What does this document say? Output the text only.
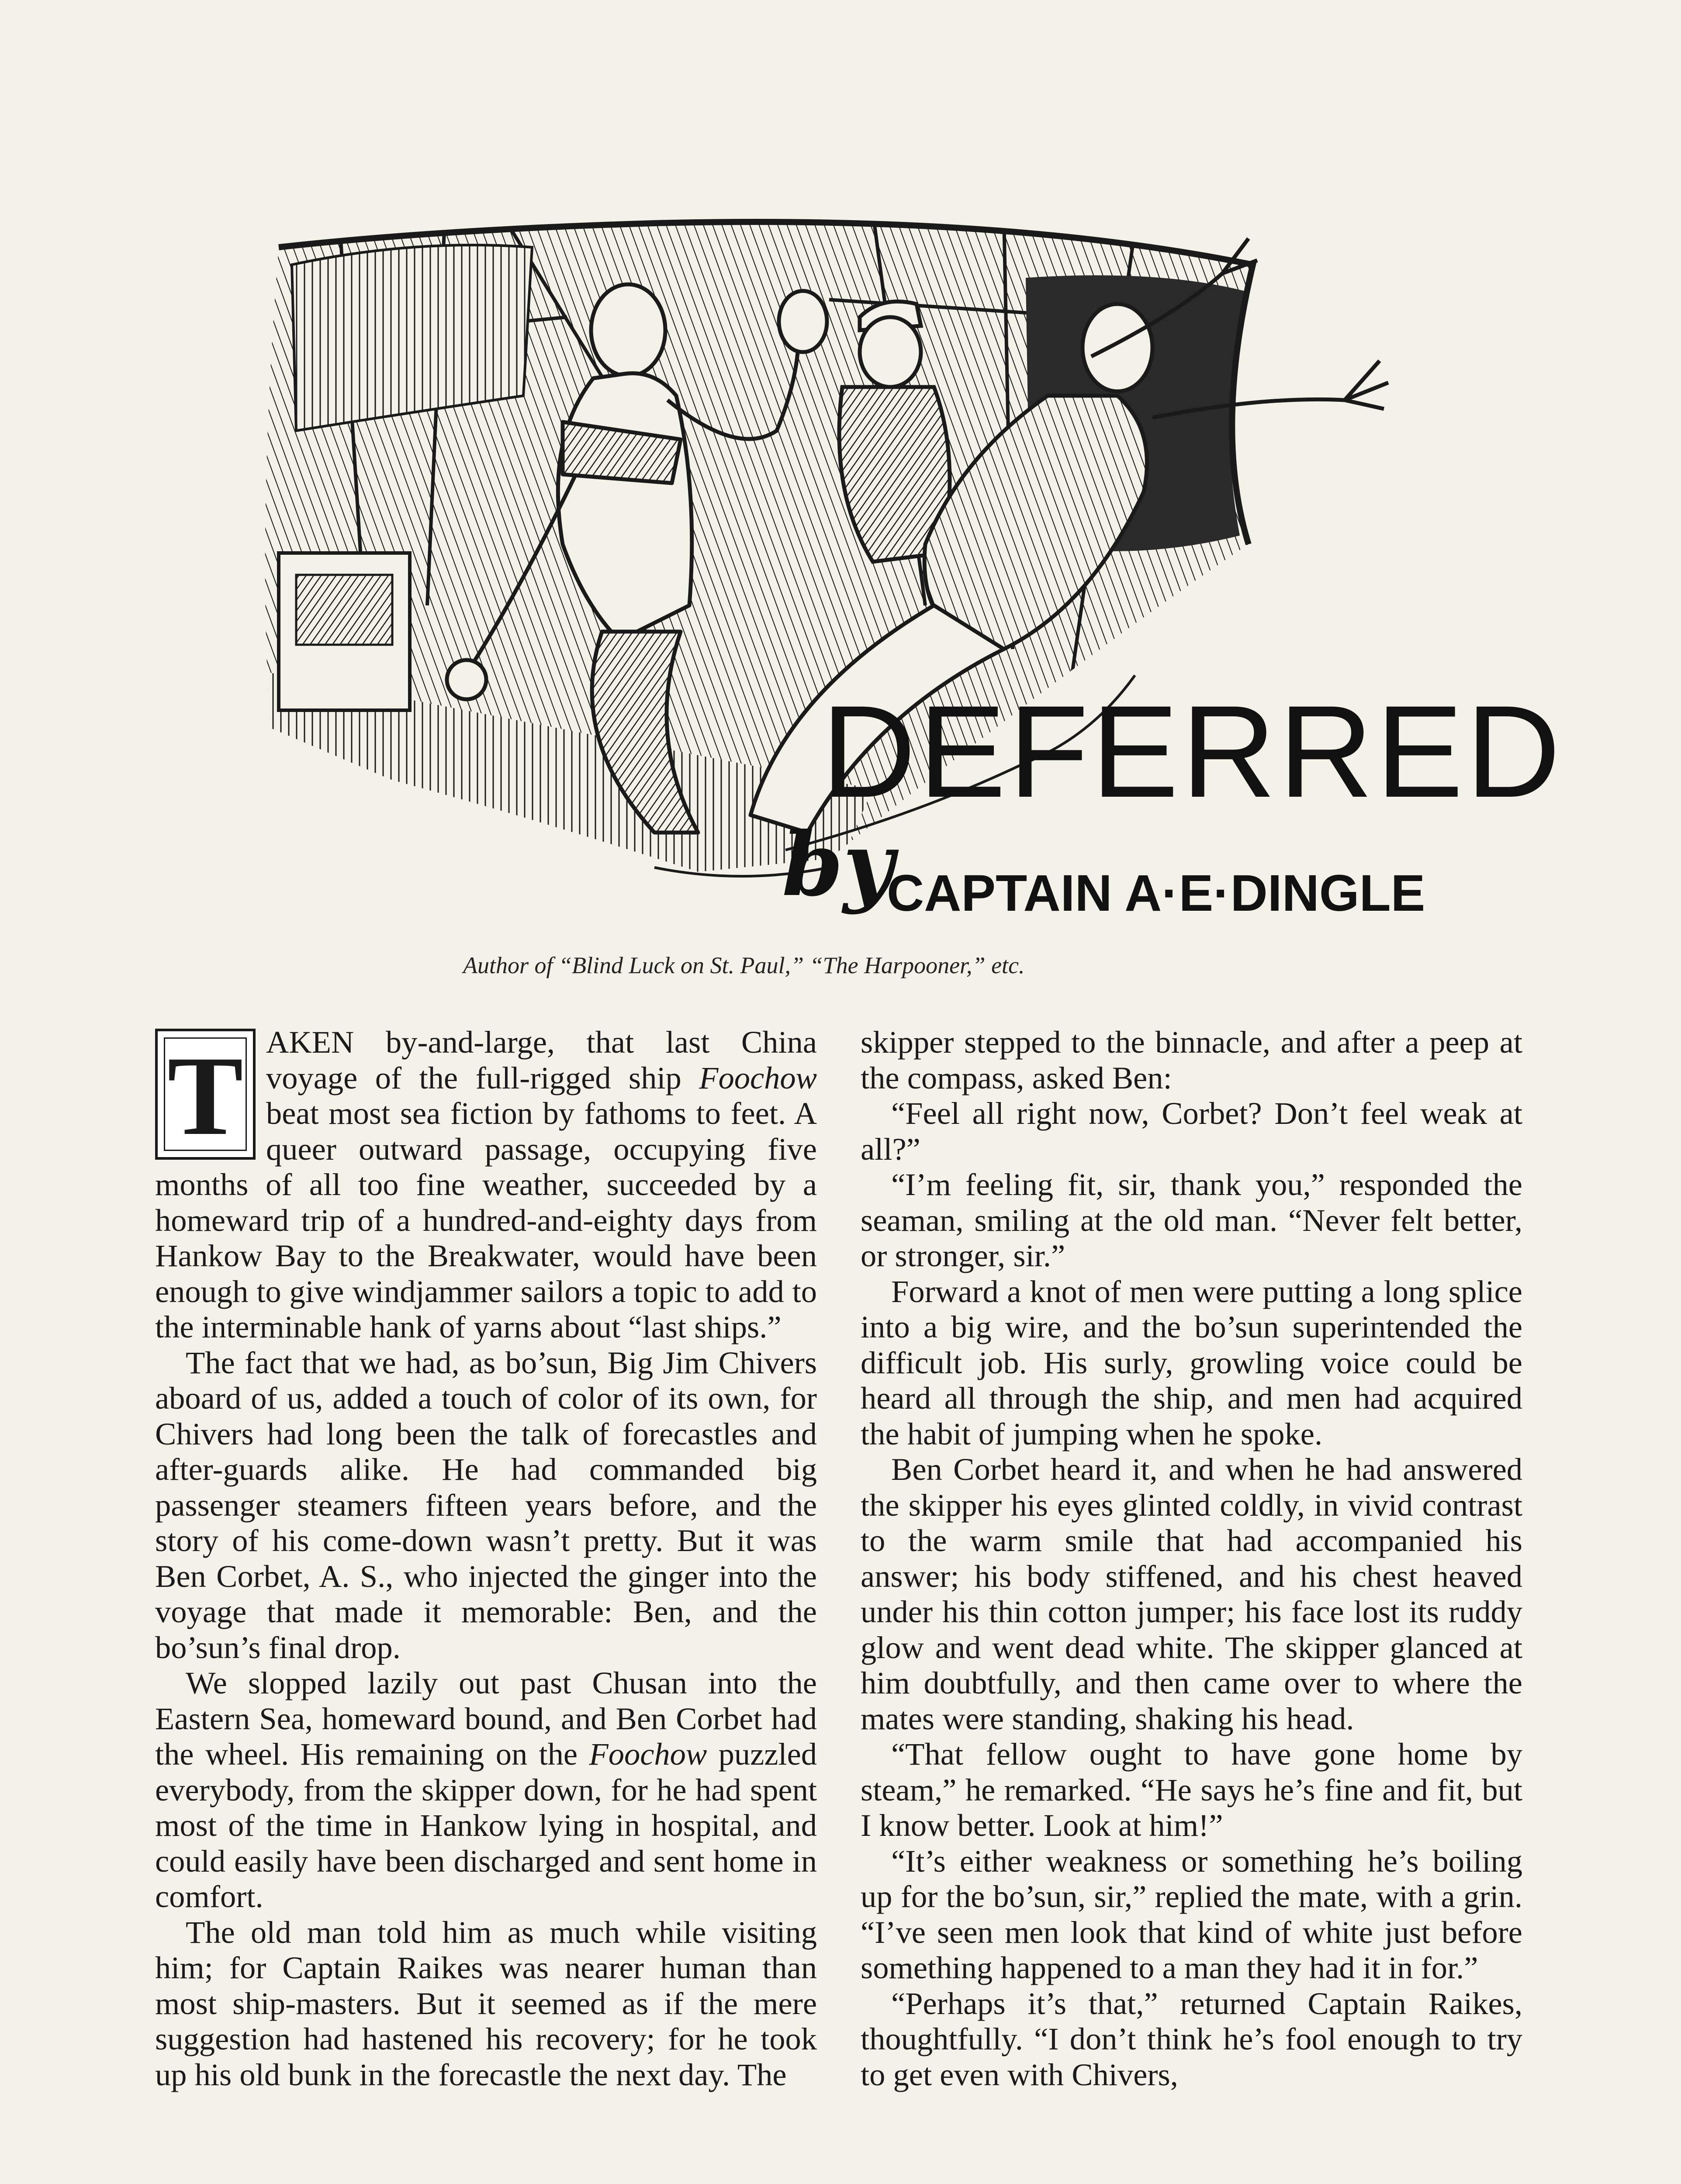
DEFERRED
by
CAPTAIN A·E·DINGLE
Author of “Blind Luck on St. Paul,” “The Harpooner,” etc.

T AKEN by-and-large, that last China voyage of the full-rigged ship Foochow beat most sea fiction by fathoms to feet. A queer outward passage, occupying five months of all too fine weather, succeeded by a homeward trip of a hundred-and-eighty days from Hankow Bay to the Breakwater, would have been enough to give windjammer sailors a topic to add to the interminable hank of yarns about “last ships.”

The fact that we had, as bo’sun, Big Jim Chivers aboard of us, added a touch of color of its own, for Chivers had long been the talk of forecastles and after-guards alike. He had commanded big passenger steamers fifteen years before, and the story of his come-down wasn’t pretty. But it was Ben Corbet, A. S., who injected the ginger into the voyage that made it memorable: Ben, and the bo’sun’s final drop.

We slopped lazily out past Chusan into the Eastern Sea, homeward bound, and Ben Corbet had the wheel. His remaining on the Foochow puzzled everybody, from the skipper down, for he had spent most of the time in Hankow lying in hospital, and could easily have been discharged and sent home in comfort.

The old man told him as much while visiting him; for Captain Raikes was nearer human than most ship-masters. But it seemed as if the mere suggestion had hastened his recovery; for he took up his old bunk in the forecastle the next day. The

skipper stepped to the binnacle, and after a peep at the compass, asked Ben:

“Feel all right now, Corbet? Don’t feel weak at all?”

“I’m feeling fit, sir, thank you,” responded the seaman, smiling at the old man. “Never felt better, or stronger, sir.”

Forward a knot of men were putting a long splice into a big wire, and the bo’sun superintended the difficult job. His surly, growling voice could be heard all through the ship, and men had acquired the habit of jumping when he spoke.

Ben Corbet heard it, and when he had answered the skipper his eyes glinted coldly, in vivid contrast to the warm smile that had accompanied his answer; his body stiffened, and his chest heaved under his thin cotton jumper; his face lost its ruddy glow and went dead white. The skipper glanced at him doubtfully, and then came over to where the mates were standing, shaking his head.

“That fellow ought to have gone home by steam,” he remarked. “He says he’s fine and fit, but I know better. Look at him!”

“It’s either weakness or something he’s boiling up for the bo’sun, sir,” replied the mate, with a grin. “I’ve seen men look that kind of white just before something happened to a man they had it in for.”

“Perhaps it’s that,” returned Captain Raikes, thoughtfully. “I don’t think he’s fool enough to try to get even with Chivers,
